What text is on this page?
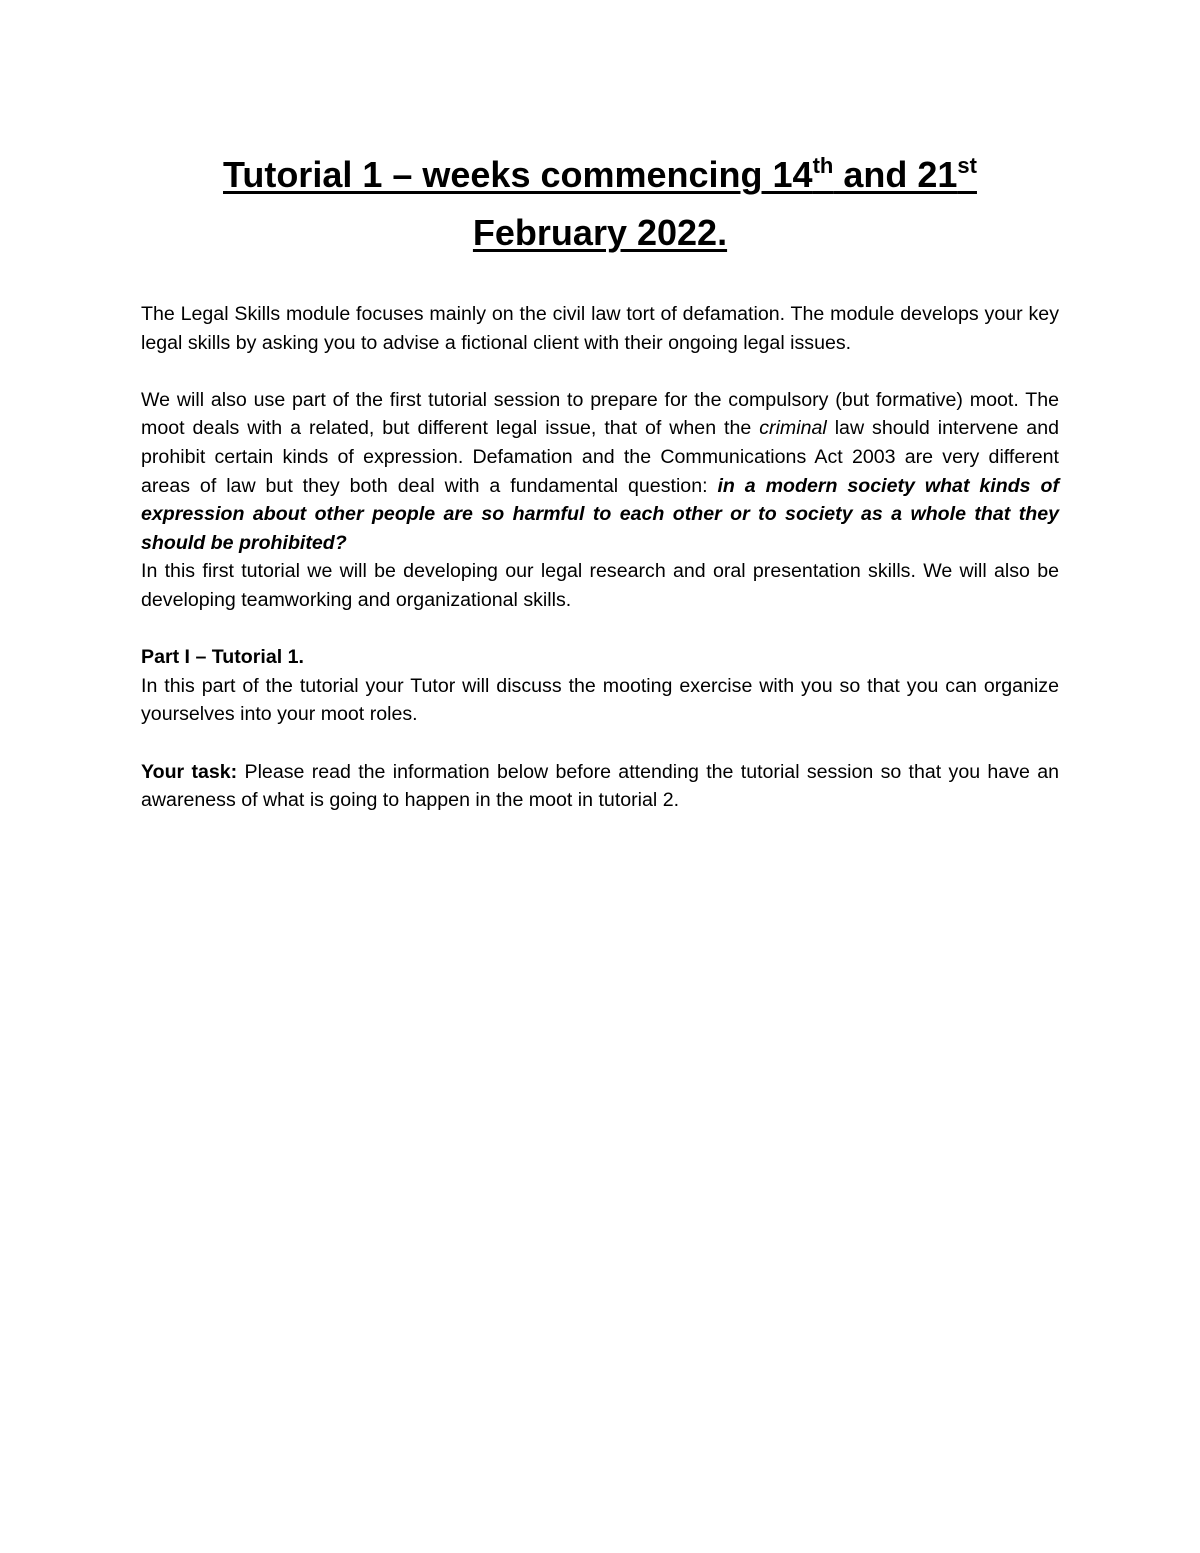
Tutorial 1 – weeks commencing 14th and 21st
February 2022.

The Legal Skills module focuses mainly on the civil law tort of defamation. The module develops your key legal skills by asking you to advise a fictional client with their ongoing legal issues.

We will also use part of the first tutorial session to prepare for the compulsory (but formative) moot. The moot deals with a related, but different legal issue, that of when the criminal law should intervene and prohibit certain kinds of expression. Defamation and the Communications Act 2003 are very different areas of law but they both deal with a fundamental question: in a modern society what kinds of expression about other people are so harmful to each other or to society as a whole that they should be prohibited?

In this first tutorial we will be developing our legal research and oral presentation skills. We will also be developing teamworking and organizational skills.

Part I – Tutorial 1.

In this part of the tutorial your Tutor will discuss the mooting exercise with you so that you can organize yourselves into your moot roles.

Your task: Please read the information below before attending the tutorial session so that you have an awareness of what is going to happen in the moot in tutorial 2.
